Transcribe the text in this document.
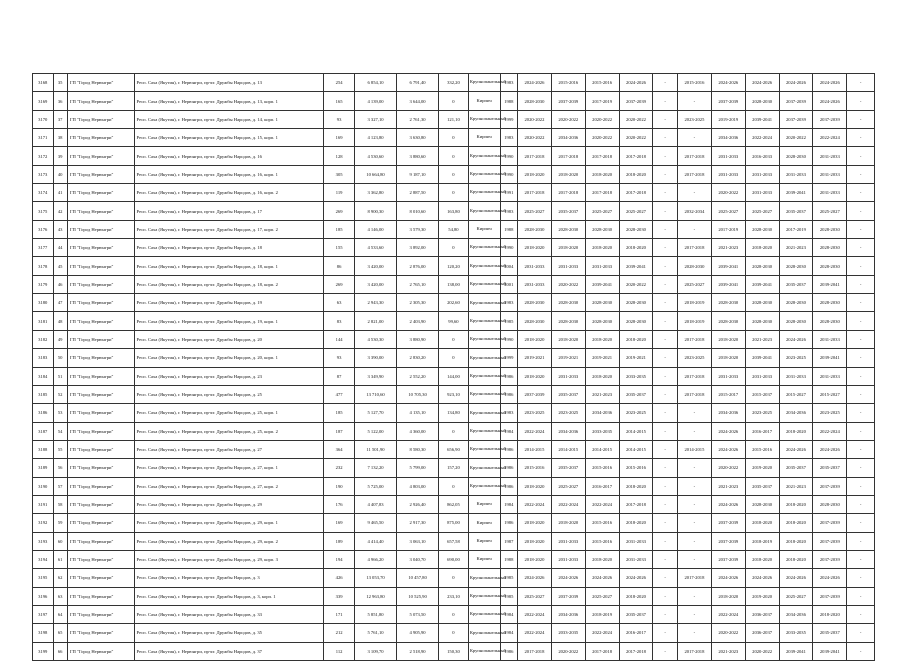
3168	35	ГП "Город Нерюнгри"	Респ. Саха (Якутия), г. Нерюнгри, пр-кт. Дружбы Народов, д. 13	254	6 854,10	6 791,40	332,20	Крупнопанельный	1983	2024-2026	2015-2016	2015-2016	2024-2026	-	2015-2016	2024-2026	2024-2026	2024-2026	2024-2026	-
3169	36	ГП "Город Нерюнгри"	Респ. Саха (Якутия), г. Нерюнгри, пр-кт. Дружбы Народов, д. 13, корп. 1	165	4 139,00	3 644,00	0	Кирпич	1988	2028-2030	2037-2039	2017-2019	2037-2039	-	-	2037-2039	2028-2030	2037-2039	2024-2026	-
3170	37	ГП "Город Нерюнгри"	Респ. Саха (Якутия), г. Нерюнгри, пр-кт. Дружбы Народов, д. 14, корп. 1	93	3 327,10	2 761,30	121,10	Крупнопанельный	1999	2020-2022	2020-2022	2020-2022	2020-2022	-	2023-2025	2019-2019	2039-2041	2037-2039	2037-2039	-
3171	38	ГП "Город Нерюнгри"	Респ. Саха (Якутия), г. Нерюнгри, пр-кт. Дружбы Народов, д. 15, корп. 1	169	4 123,80	3 630,80	0	Кирпич	1983	2020-2022	2034-2036	2020-2022	2020-2022	-	-	2034-2036	2022-2024	2020-2022	2022-2024	-
3172	39	ГП "Город Нерюнгри"	Респ. Саха (Якутия), г. Нерюнгри, пр-кт. Дружбы Народов, д. 16	128	4 530,60	3 880,60	0	Крупнопанельный	1990	2017-2018	2017-2018	2017-2018	2017-2018	-	2017-2018	2031-2033	2016-2033	2028-2030	2031-2033	-
3173	40	ГП "Город Нерюнгри"	Респ. Саха (Якутия), г. Нерюнгри, пр-кт. Дружбы Народов, д. 16, корп. 1	305	10 664,80	9 187,10	0	Крупнопанельный	1990	2018-2020	2018-2020	2018-2020	2018-2020	-	2017-2018	2031-2033	2031-2033	2031-2033	2031-2033	-
3174	41	ГП "Город Нерюнгри"	Респ. Саха (Якутия), г. Нерюнгри, пр-кт. Дружбы Народов, д. 16, корп. 2	119	3 362,80	2 887,50	0	Крупнопанельный	1991	2017-2018	2017-2018	2017-2018	2017-2018	-	-	2020-2022	2031-2033	2039-2041	2031-2033	-
3175	42	ГП "Город Нерюнгри"	Респ. Саха (Якутия), г. Нерюнгри, пр-кт. Дружбы Народов, д. 17	269	8 900,30	8 010,60	163,80	Крупнопанельный	1983	2025-2027	2035-2037	2025-2027	2025-2027	-	2032-2034	2025-2027	2025-2027	2035-2037	2025-2027	-
3176	43	ГП "Город Нерюнгри"	Респ. Саха (Якутия), г. Нерюнгри, пр-кт. Дружбы Народов, д. 17, корп. 2	185	4 146,00	3 579,30	54,80	Кирпич	1988	2028-2030	2028-2030	2028-2030	2028-2030	-	-	2017-2019	2028-2030	2017-2019	2028-2030	-
3177	44	ГП "Город Нерюнгри"	Респ. Саха (Якутия), г. Нерюнгри, пр-кт. Дружбы Народов, д. 18	155	4 533,60	3 892,00	0	Крупнопанельный	1990	2018-2020	2018-2020	2018-2020	2018-2020	-	2017-2018	2021-2023	2018-2020	2021-2023	2028-2030	-
3178	45	ГП "Город Нерюнгри"	Респ. Саха (Якутия), г. Нерюнгри, пр-кт. Дружбы Народов, д. 18, корп. 1	86	3 420,00	2 876,00	120,20	Крупнопанельный	2004	2031-2033	2031-2033	2031-2033	2039-2041	-	2028-2030	2039-2041	2028-2030	2028-2030	2028-2030	-
3179	46	ГП "Город Нерюнгри"	Респ. Саха (Якутия), г. Нерюнгри, пр-кт. Дружбы Народов, д. 18, корп. 2	269	3 420,00	2 765,10	138,00	Крупнопанельный	2001	2031-2033	2020-2022	2039-2041	2020-2022	-	2025-2027	2039-2041	2039-2041	2035-2037	2039-2041	-
3180	47	ГП "Город Нерюнгри"	Респ. Саха (Якутия), г. Нерюнгри, пр-кт. Дружбы Народов, д. 19	63	2 943,30	2 305,30	202,60	Крупнопанельный	1983	2028-2030	2028-2030	2028-2030	2028-2030	-	2018-2019	2028-2030	2028-2030	2028-2030	2028-2030	-
3181	48	ГП "Город Нерюнгри"	Респ. Саха (Якутия), г. Нерюнгри, пр-кт. Дружбы Народов, д. 19, корп. 1	83	2 821,00	2 403,90	99,60	Крупнопанельный	1985	2028-2030	2028-2030	2028-2030	2028-2030	-	2018-2019	2028-2030	2028-2030	2028-2030	2028-2030	-
3182	49	ГП "Город Нерюнгри"	Респ. Саха (Якутия), г. Нерюнгри, пр-кт. Дружбы Народов, д. 20	144	4 530,30	3 880,90	0	Крупнопанельный	1990	2018-2020	2018-2020	2018-2020	2018-2020	-	2017-2018	2018-2020	2021-2023	2024-2026	2031-2033	-
3183	50	ГП "Город Нерюнгри"	Респ. Саха (Якутия), г. Нерюнгри, пр-кт. Дружбы Народов, д. 20, корп. 1	93	3 390,00	2 830,20	0	Крупнопанельный	1999	2019-2021	2019-2021	2019-2021	2019-2021	-	2023-2025	2018-2020	2039-2041	2023-2025	2039-2041	-
3184	51	ГП "Город Нерюнгри"	Респ. Саха (Якутия), г. Нерюнгри, пр-кт. Дружбы Народов, д. 23	87	3 349,90	2 552,20	144,00	Крупнопанельный	1986	2018-2020	2031-2033	2018-2020	2033-2035	-	2017-2018	2031-2033	2031-2033	2031-2033	2031-2033	-
3185	52	ГП "Город Нерюнгри"	Респ. Саха (Якутия), г. Нерюнгри, пр-кт. Дружбы Народов, д. 25	477	13 710,60	10 705,30	923,10	Крупнопанельный	1986	2037-2039	2035-2037	2021-2023	2035-2037	-	2017-2018	2015-2017	2015-2037	2015-2027	2015-2027	-
3186	53	ГП "Город Нерюнгри"	Респ. Саха (Якутия), г. Нерюнгри, пр-кт. Дружбы Народов, д. 25, корп. 1	185	5 127,70	4 135,10	134,80	Крупнопанельный	1983	2023-2025	2023-2025	2034-2036	2023-2025	-	-	2034-2036	2023-2025	2034-2036	2023-2025	-
3187	54	ГП "Город Нерюнгри"	Респ. Саха (Якутия), г. Нерюнгри, пр-кт. Дружбы Народов, д. 25, корп. 2	187	5 122,00	4 360,00	0	Крупнопанельный	1984	2022-2024	2034-2036	2033-2035	2014-2015	-	-	2024-2026	2016-2017	2018-2020	2022-2024	-
3188	55	ГП "Город Нерюнгри"	Респ. Саха (Якутия), г. Нерюнгри, пр-кт. Дружбы Народов, д. 27	364	11 501,90	8 580,30	656,90	Крупнопанельный	1986	2014-2015	2014-2015	2014-2015	2014-2015	-	2014-2015	2024-2026	2015-2016	2024-2026	2024-2026	-
3189	56	ГП "Город Нерюнгри"	Респ. Саха (Якутия), г. Нерюнгри, пр-кт. Дружбы Народов, д. 27, корп. 1	232	7 132,20	5 799,00	157,20	Крупнопанельный	1986	2015-2016	2035-2037	2015-2016	2015-2016	-	-	2020-2022	2019-2020	2035-2037	2035-2037	-
3190	57	ГП "Город Нерюнгри"	Респ. Саха (Якутия), г. Нерюнгри, пр-кт. Дружбы Народов, д. 27, корп. 2	190	5 725,00	4 803,00	0	Крупнопанельный	1986	2018-2020	2025-2027	2016-2017	2018-2020	-	-	2021-2023	2035-2037	2021-2023	2037-2039	-
3191	58	ГП "Город Нерюнгри"	Респ. Саха (Якутия), г. Нерюнгри, пр-кт. Дружбы Народов, д. 29	176	4 407,83	2 926,40	862,05	Кирпич	1984	2022-2024	2022-2024	2022-2024	2017-2018	-	-	2024-2026	2028-2030	2018-2020	2028-2030	-
3192	59	ГП "Город Нерюнгри"	Респ. Саха (Якутия), г. Нерюнгри, пр-кт. Дружбы Народов, д. 29, корп. 1	169	9 465,50	2 917,30	875,00	Кирпич	1986	2018-2020	2018-2020	2015-2016	2018-2020	-	-	2037-2039	2018-2020	2018-2020	2037-2039	-
3193	60	ГП "Город Нерюнгри"	Респ. Саха (Якутия), г. Нерюнгри, пр-кт. Дружбы Народов, д. 29, корп. 2	189	4 414,40	3 063,10	657,58	Кирпич	1987	2018-2020	2031-2033	2015-2016	2031-2033	-	-	2037-2039	2018-2019	2018-2020	2037-2039	-
3194	61	ГП "Город Нерюнгри"	Респ. Саха (Якутия), г. Нерюнгри, пр-кт. Дружбы Народов, д. 29, корп. 3	194	4 966,20	3 040,70	690,00	Кирпич	1988	2018-2020	2031-2033	2018-2020	2031-2033	-	-	2037-2039	2018-2020	2018-2020	2037-2039	-
3195	62	ГП "Город Нерюнгри"	Респ. Саха (Якутия), г. Нерюнгри, пр-кт. Дружбы Народов, д. 3	426	13 053,70	10 457,80	0	Крупнопанельный	1985	2024-2026	2024-2026	2024-2026	2024-2026	-	2017-2018	2024-2026	2024-2026	2024-2026	2024-2026	-
3196	63	ГП "Город Нерюнгри"	Респ. Саха (Якутия), г. Нерюнгри, пр-кт. Дружбы Народов, д. 3, корп. 1	339	12 963,80	10 525,90	233,10	Крупнопанельный	1985	2025-2027	2037-2039	2025-2027	2018-2020	-	-	2018-2020	2019-2020	2025-2027	2037-2039	-
3197	64	ГП "Город Нерюнгри"	Респ. Саха (Якутия), г. Нерюнгри, пр-кт. Дружбы Народов, д. 33	171	5 851,80	5 073,50	0	Крупнопанельный	1984	2022-2024	2034-2036	2018-2019	2035-2037	-	-	2022-2024	2036-2037	2034-2036	2018-2020	-
3198	65	ГП "Город Нерюнгри"	Респ. Саха (Якутия), г. Нерюнгри, пр-кт. Дружбы Народов, д. 35	212	5 761,10	4 905,90	0	Крупнопанельный	1984	2022-2024	2033-2035	2022-2024	2016-2017	-	-	2020-2022	2036-2037	2033-2035	2035-2037	-
3199	66	ГП "Город Нерюнгри"	Респ. Саха (Якутия), г. Нерюнгри, пр-кт. Дружбы Народов, д. 37	112	3 109,70	2 518,90	150,30	Крупнопанельный	1986	2017-2018	2020-2022	2017-2018	2017-2018	-	2017-2018	2021-2023	2020-2022	2039-2041	2039-2041	-
